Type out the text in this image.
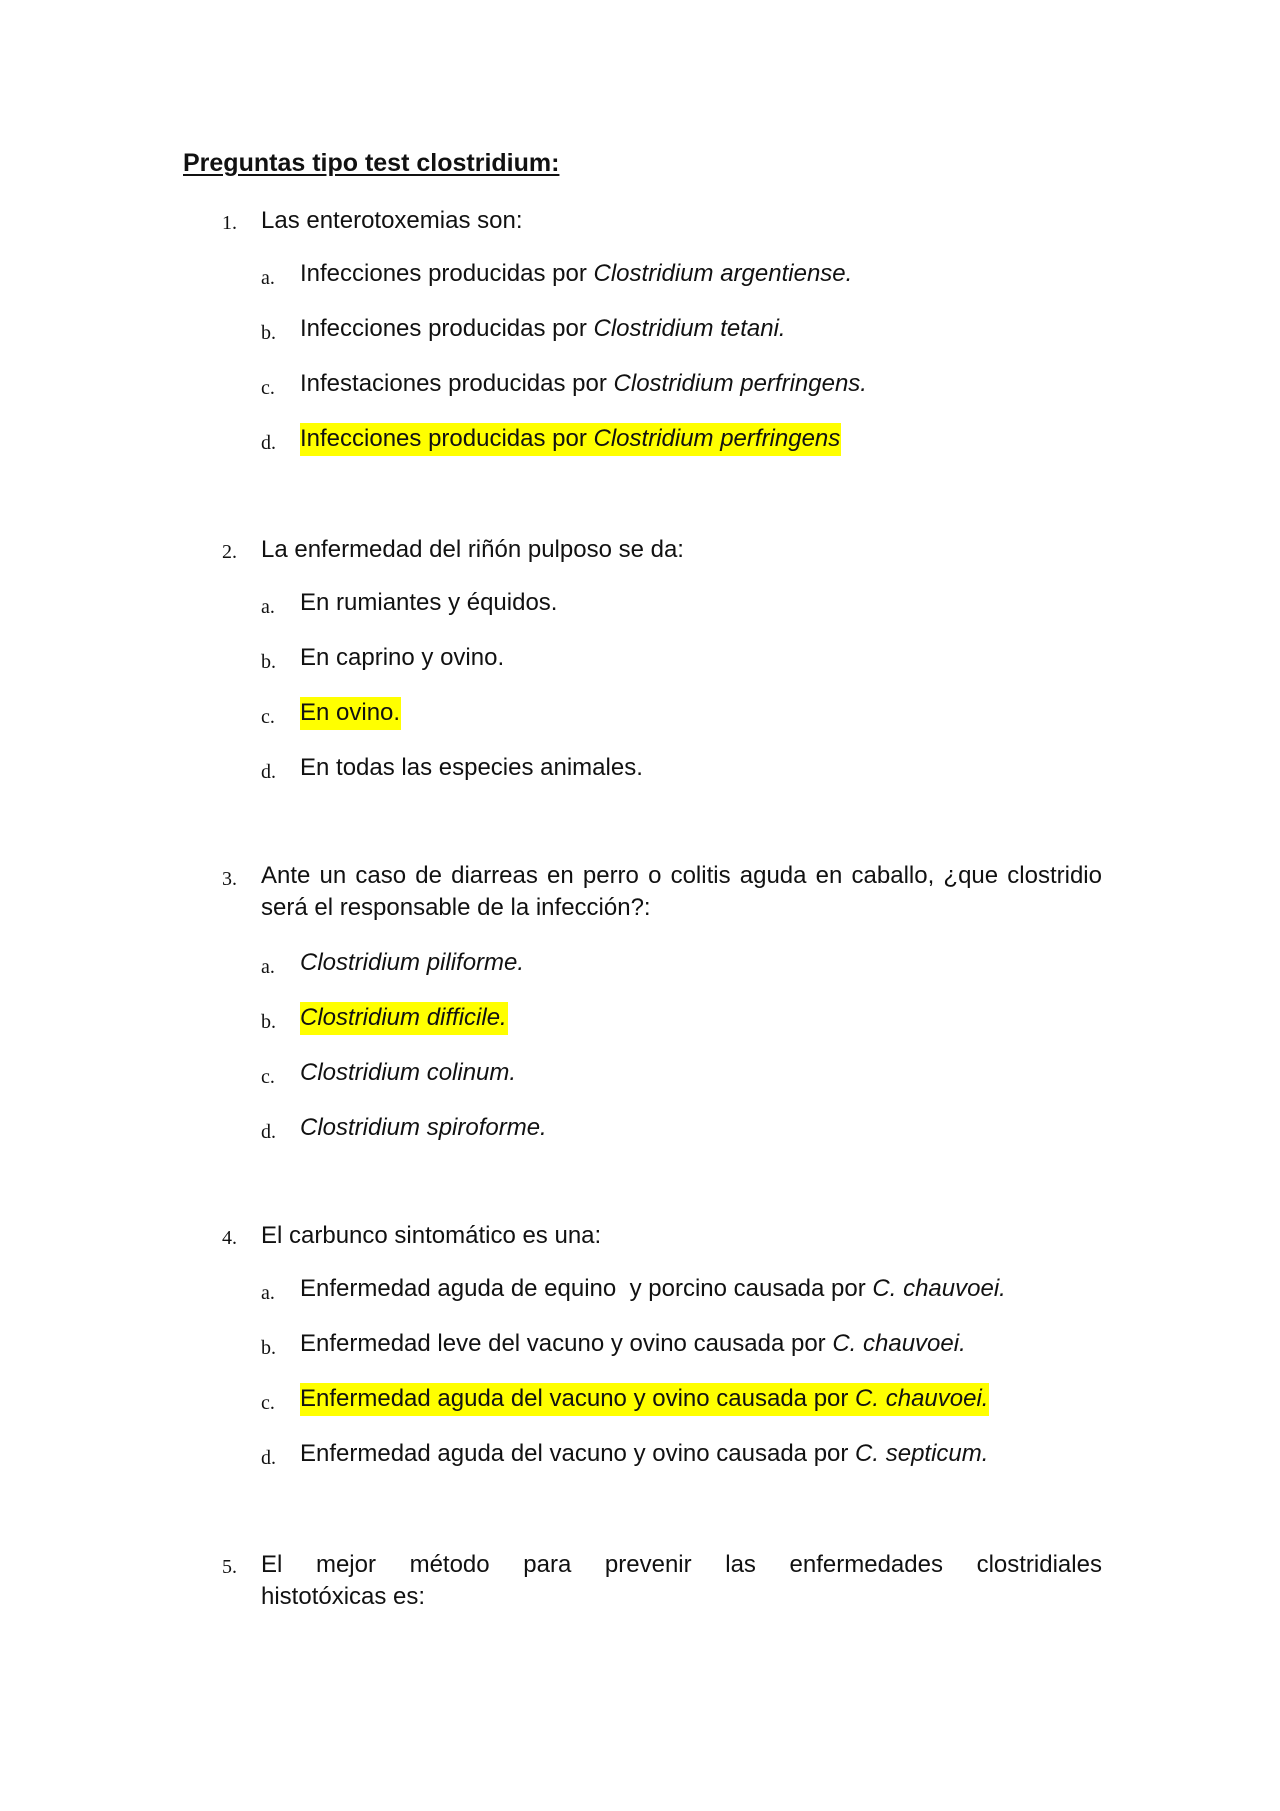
Preguntas tipo test clostridium:
1. Las enterotoxemias son:
a. Infecciones producidas por Clostridium argentiense.
b. Infecciones producidas por Clostridium tetani.
c. Infestaciones producidas por Clostridium perfringens.
d. Infecciones producidas por Clostridium perfringens
2. La enfermedad del riñón pulposo se da:
a. En rumiantes y équidos.
b. En caprino y ovino.
c. En ovino.
d. En todas las especies animales.
3. Ante un caso de diarreas en perro o colitis aguda en caballo, ¿que clostridio será el responsable de la infección?:
a. Clostridium piliforme.
b. Clostridium difficile.
c. Clostridium colinum.
d. Clostridium spiroforme.
4. El carbunco sintomático es una:
a. Enfermedad aguda de equino  y porcino causada por C. chauvoei.
b. Enfermedad leve del vacuno y ovino causada por C. chauvoei.
c. Enfermedad aguda del vacuno y ovino causada por C. chauvoei.
d. Enfermedad aguda del vacuno y ovino causada por C. septicum.
5. El mejor método para prevenir las enfermedades clostridiales
histotóxicas es:
